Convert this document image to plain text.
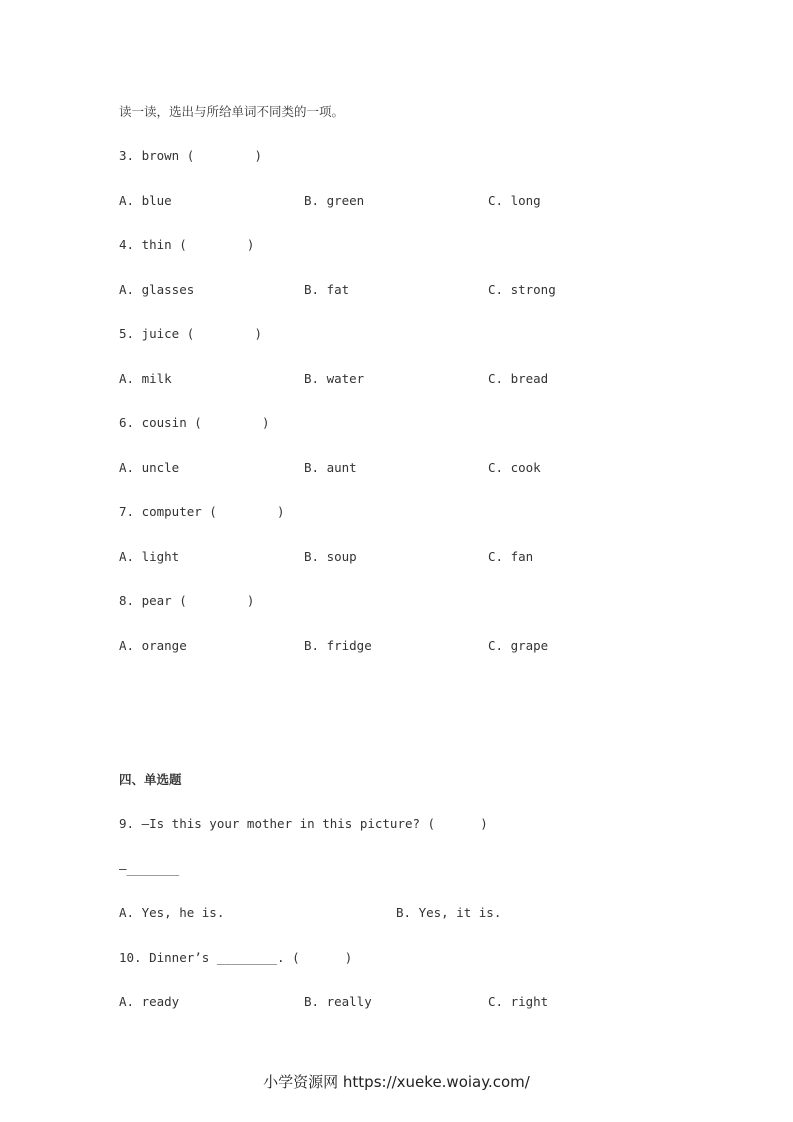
读一读，选出与所给单词不同类的一项。
3. brown (        )
A. blue	B. green	C. long
4. thin (        )
A. glasses	B. fat	C. strong
5. juice (        )
A. milk	B. water	C. bread
6. cousin (        )
A. uncle	B. aunt	C. cook
7. computer (        )
A. light	B. soup	C. fan
8. pear (        )
A. orange	B. fridge	C. grape
四、单选题
9. —Is this your mother in this picture? (      )
—_______
A. Yes, he is.	B. Yes, it is.
10. Dinner’s ________. (      )
A. ready	B. really	C. right
小学资源网 https://xueke.woiay.com/
